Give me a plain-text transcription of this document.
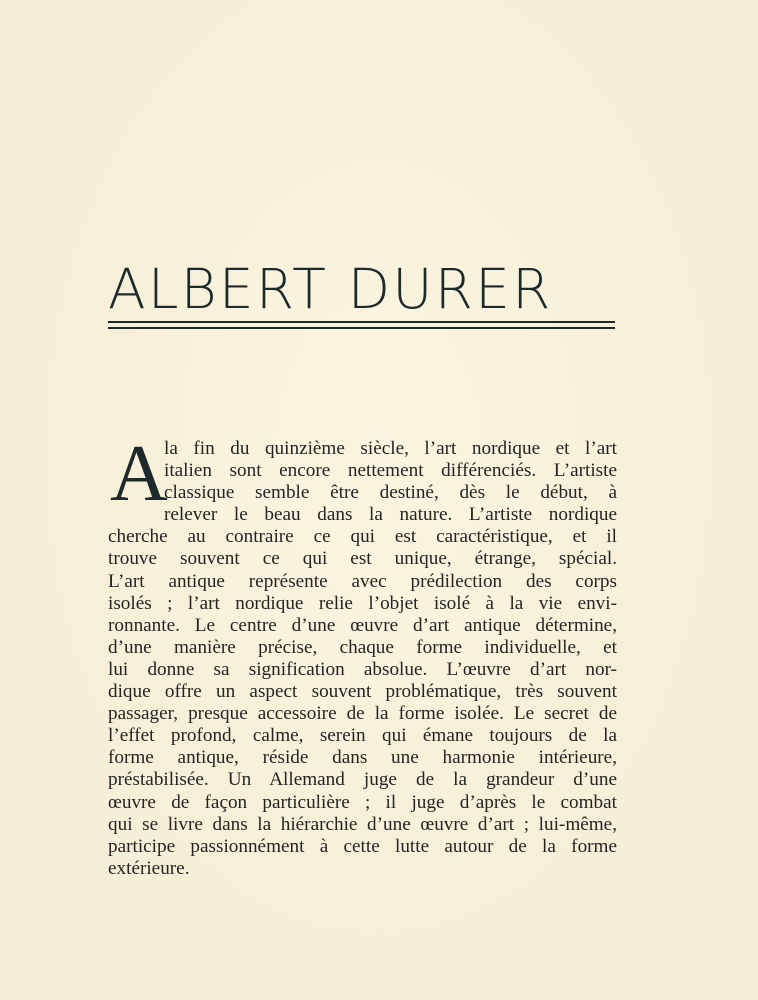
ALBERT DURER
A
la fin du quinzième siècle, l’art nordique et l’art
italien sont encore nettement différenciés. L’artiste
classique semble être destiné, dès le début, à
relever le beau dans la nature. L’artiste nordique
cherche au contraire ce qui est caractéristique, et il
trouve souvent ce qui est unique, étrange, spécial.
L’art antique représente avec prédilection des corps
isolés ; l’art nordique relie l’objet isolé à la vie envi-
ronnante. Le centre d’une œuvre d’art antique détermine,
d’une manière précise, chaque forme individuelle, et
lui donne sa signification absolue. L’œuvre d’art nor-
dique offre un aspect souvent problématique, très souvent
passager, presque accessoire de la forme isolée. Le secret de
l’effet profond, calme, serein qui émane toujours de la
forme antique, réside dans une harmonie intérieure,
préstabilisée. Un Allemand juge de la grandeur d’une
œuvre de façon particulière ; il juge d’après le combat
qui se livre dans la hiérarchie d’une œuvre d’art ; lui-même,
participe passionnément à cette lutte autour de la forme
extérieure.
